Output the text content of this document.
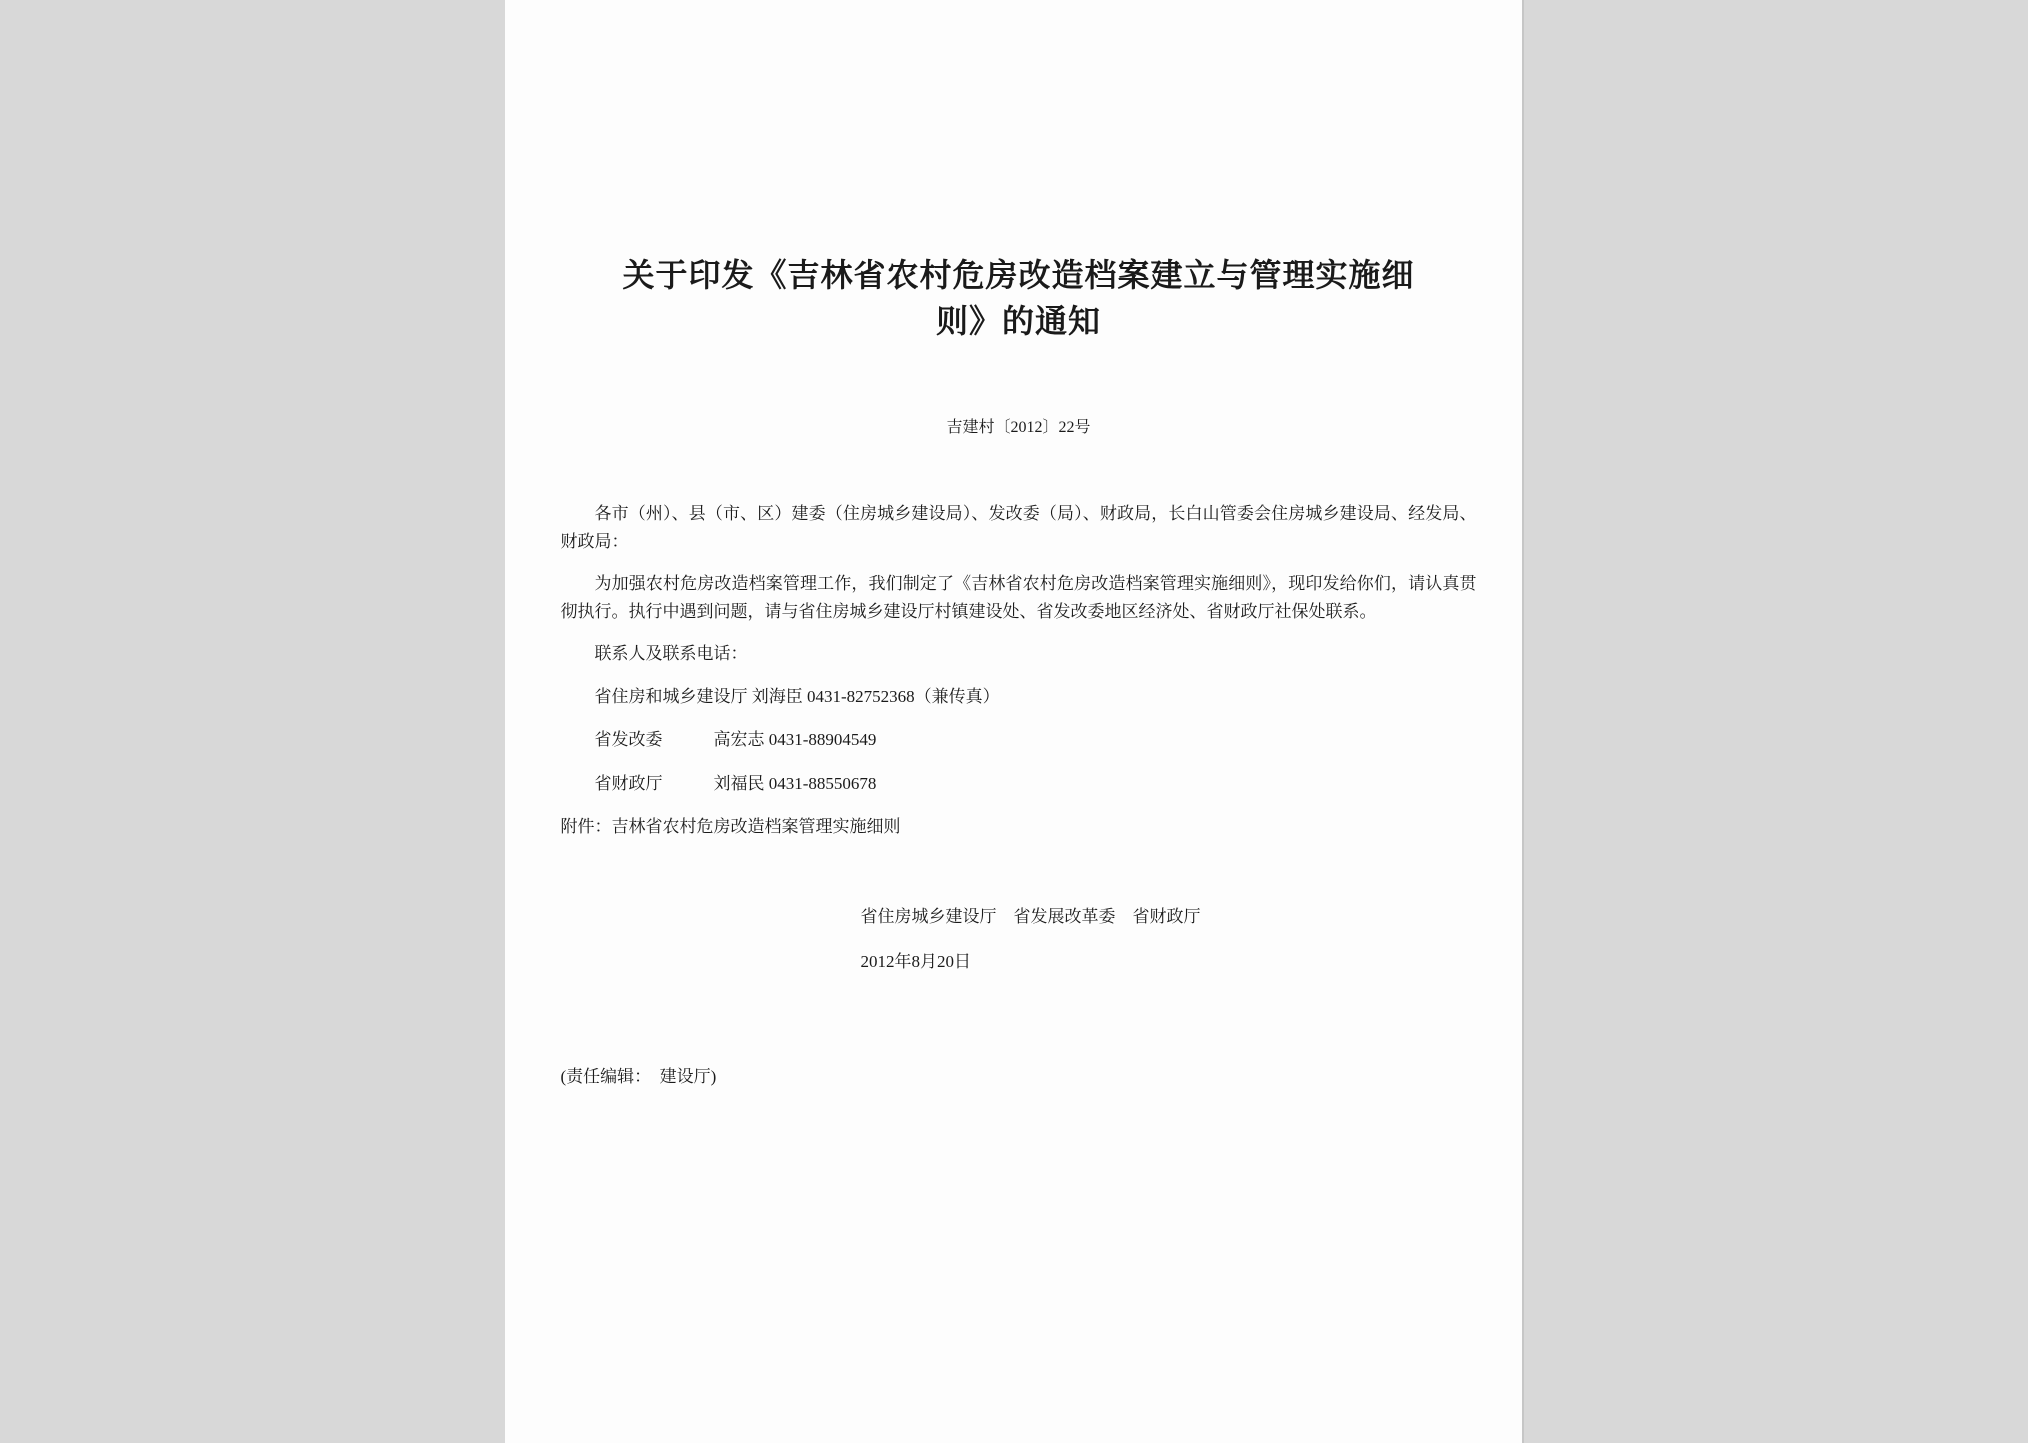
关于印发《吉林省农村危房改造档案建立与管理实施细
则》的通知
吉建村〔2012〕22号
各市（州）、县（市、区）建委（住房城乡建设局）、发改委（局）、财政局，长白山管委会住房城乡建设局、经发局、财政局：
为加强农村危房改造档案管理工作，我们制定了《吉林省农村危房改造档案管理实施细则》，现印发给你们，请认真贯彻执行。执行中遇到问题，请与省住房城乡建设厅村镇建设处、省发改委地区经济处、省财政厅社保处联系。
联系人及联系电话：
省住房和城乡建设厅 刘海臣 0431-82752368（兼传真）
省发改委　　　高宏志 0431-88904549
省财政厅　　　刘福民 0431-88550678
附件：吉林省农村危房改造档案管理实施细则
省住房城乡建设厅　省发展改革委　省财政厅
2012年8月20日
(责任编辑：　建设厅)
